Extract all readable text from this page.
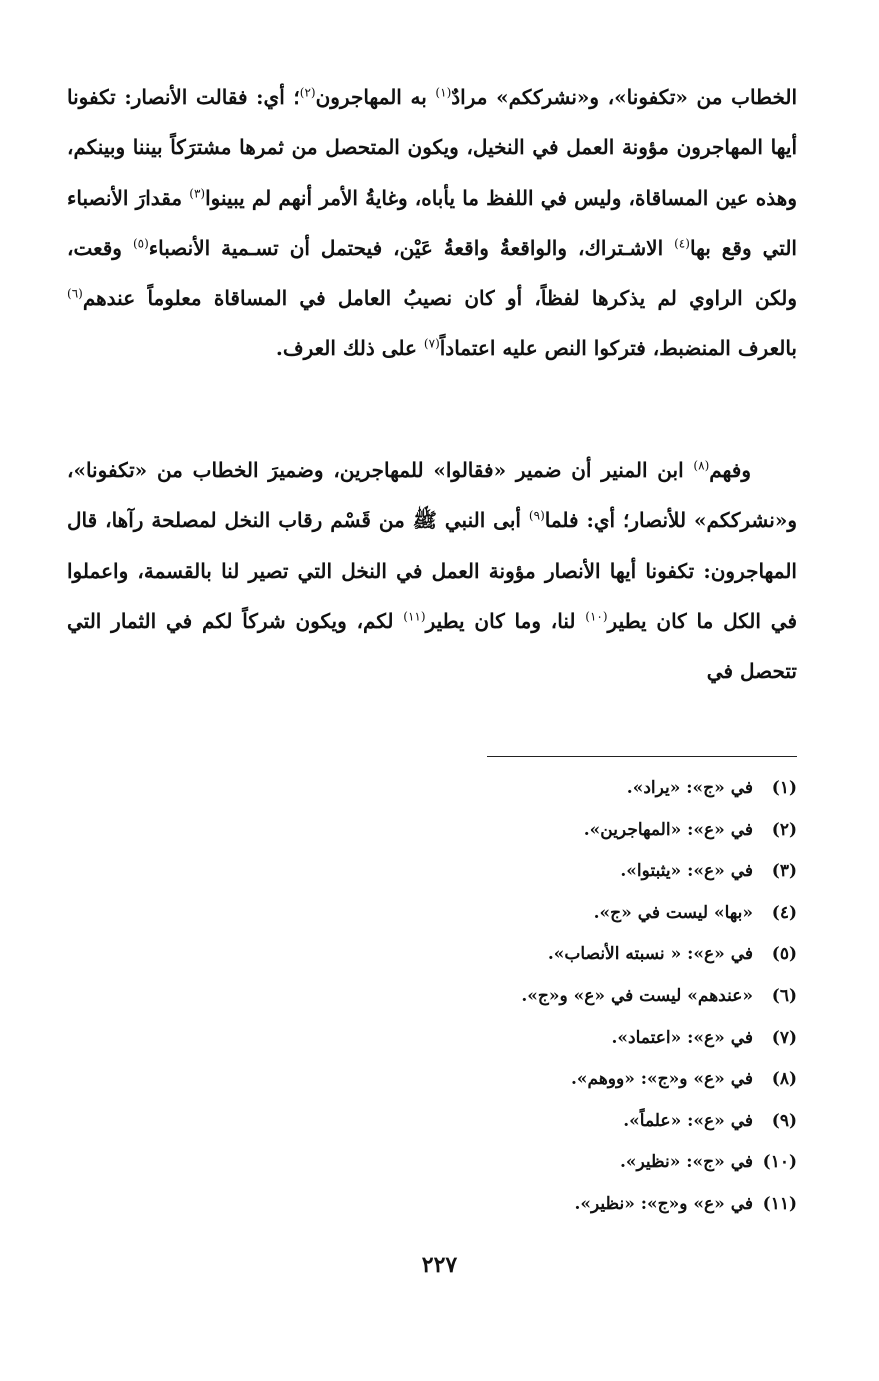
الخطاب من «تكفونا»، و«نشرككم» مرادٌ$^{(١)}$ به المهاجرون$^{(٢)}$؛ أي: فقالت الأنصار: تكفونا أيها المهاجرون مؤونة العمل في النخيل، ويكون المتحصل من ثمرها مشترَكاً بيننا وبينكم، وهذه عين المساقاة، وليس في اللفظ ما يأباه، وغايةُ الأمر أنهم لم يبينوا$^{(٣)}$ مقدارَ الأنصباء التي وقع بها$^{(٤)}$ الاشـتراك، والواقعةُ واقعةُ عَيْن، فيحتمل أن تسـمية الأنصباء$^{(٥)}$ وقعت، ولكن الراوي لم يذكرها لفظاً، أو كان نصيبُ العامل في المساقاة معلوماً عندهم$^{(٦)}$ بالعرف المنضبط، فتركوا النص عليه اعتماداً$^{(٧)}$ على ذلك العرف.

وفهم$^{(٨)}$ ابن المنير أن ضمير «فقالوا» للمهاجرين، وضميرَ الخطاب من «تكفونا»، و«نشرككم» للأنصار؛ أي: فلما$^{(٩)}$ أبى النبي ﷺ من قَسْم رقاب النخل لمصلحة رآها، قال المهاجرون: تكفونا أيها الأنصار مؤونة العمل في النخل التي تصير لنا بالقسمة، واعملوا في الكل ما كان يطير$^{(١٠)}$ لنا، وما كان يطير$^{(١١)}$ لكم، ويكون شركاً لكم في الثمار التي تتحصل في

(١)في «ج»: «يراد».
(٢)في «ع»: «المهاجرين».
(٣)في «ع»: «يثبتوا».
(٤)«بها» ليست في «ج».
(٥)في «ع»: « نسبته الأنصاب».
(٦)«عندهم» ليست في «ع» و«ج».
(٧)في «ع»: «اعتماد».
(٨)في «ع» و«ج»: «ووهم».
(٩)في «ع»: «علماً».
(١٠)في «ج»: «نظير».
(١١)في «ع» و«ج»: «نظير».
٢٢٧
